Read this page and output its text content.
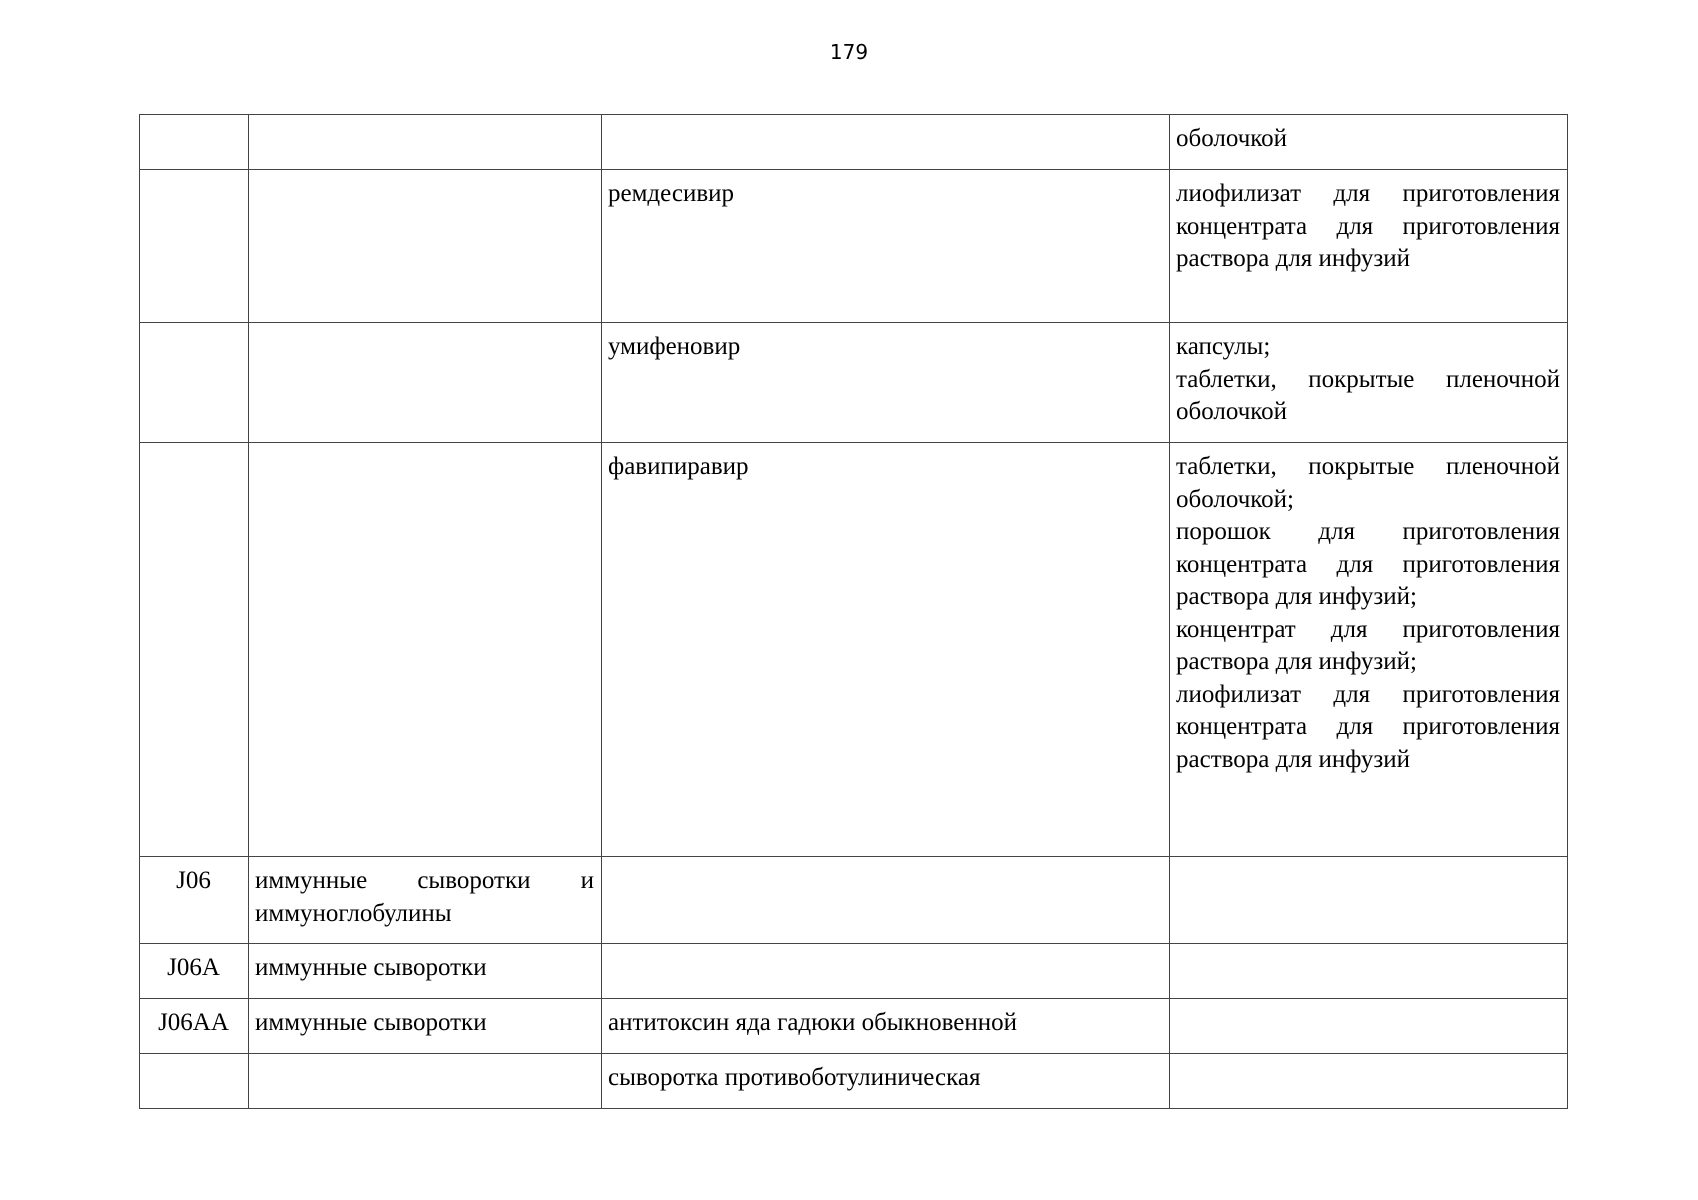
179

			оболочкой

		ремдесивир	лиофилизат для приготовления концентрата для приготовления раствора для инфузий

		умифеновир	капсулы;
таблетки, покрытые пленочной оболочкой

		фавипиравир	таблетки, покрытые пленочной оболочкой;
порошок для приготовления концентрата для приготовления раствора для инфузий;
концентрат для приготовления раствора для инфузий;
лиофилизат для приготовления концентрата для приготовления раствора для инфузий

J06	иммунные сыворотки и иммуноглобулины		
J06A	иммунные сыворотки		
J06AA	иммунные сыворотки	антитоксин яда гадюки обыкновенной	
		сыворотка противоботулиническая	
